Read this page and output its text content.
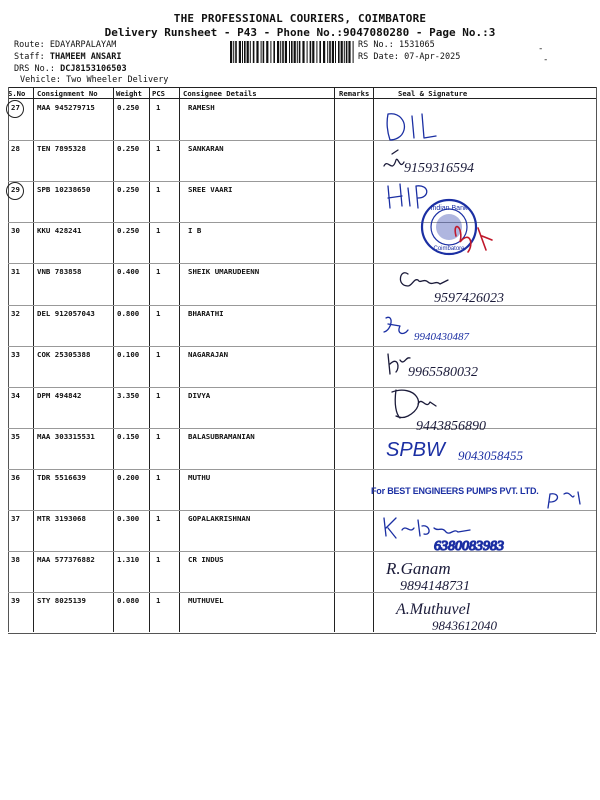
THE PROFESSIONAL COURIERS, COIMBATORE
Delivery Runsheet - P43 - Phone No.:9047080280 - Page No.:3
Route: EDAYARPALAYAM
Staff: THAMEEM ANSARI
DRS No.: DCJ8153106503
Vehicle: Two Wheeler Delivery
RS No.: 1531065
RS Date: 07-Apr-2025
-
-
S.No Consignment No	Weight PCS	Consignee Details	Remarks	Seal & Signature
27 MAA 945279715	0.250 1	RAMESH
28 TEN 7895328	0.250 1	SANKARAN
29 SPB 10238650	0.250 1	SREE VAARI
30 KKU 428241	0.250 1	I B
31 VNB 783858	0.400 1	SHEIK UMARUDEENN
32 DEL 912057043	0.800 1	BHARATHI
33 COK 25305388	0.100 1	NAGARAJAN
34 DPM 494842	3.350 1	DIVYA
35 MAA 303315531	0.150 1	BALASUBRAMANIAN
36 TDR 5516639	0.200 1	MUTHU
37 MTR 3193068	0.300 1	GOPALAKRISHNAN
38 MAA 577376882	1.310 1	CR INDUS
39 STY 8025139	0.080 1	MUTHUVEL
9159316594
Indian Bank
Coimbatore
9597426023
9940430487
9965580032
9443856890
SPBW 9043058455
6380083983
R.Ganam
9894148731
A.Muthuvel
9843612040
For BEST ENGINEERS PUMPS PVT. LTD.
